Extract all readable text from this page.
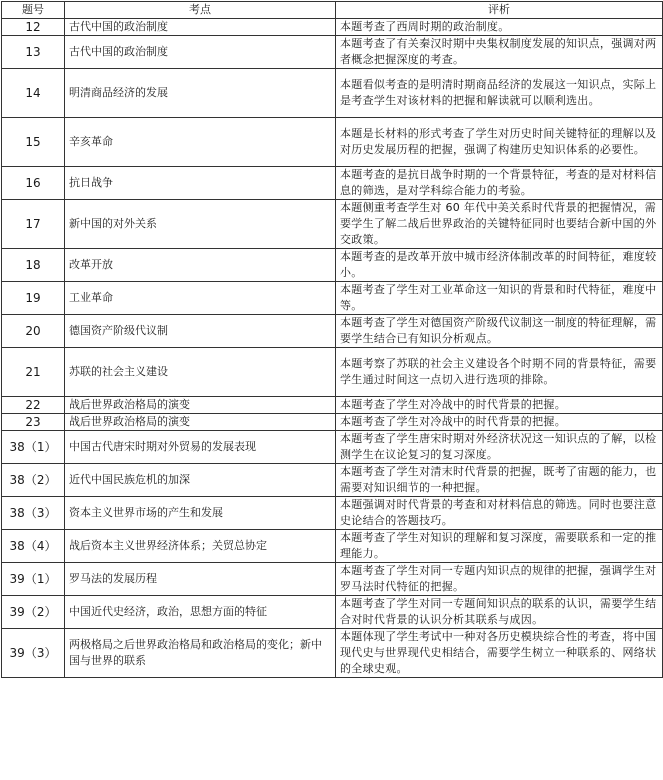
题号	考点	评析
12	古代中国的政治制度	本题考查了西周时期的政治制度。
13	古代中国的政治制度	本题考查了有关秦汉时期中央集权制度发展的知识点，强调对两者概念把握深度的考查。
14	明清商品经济的发展	本题看似考查的是明清时期商品经济的发展这一知识点，实际上是考查学生对该材料的把握和解读就可以顺利选出。
15	辛亥革命	本题是长材料的形式考查了学生对历史时间关键特征的理解以及对历史发展历程的把握，强调了构建历史知识体系的必要性。
16	抗日战争	本题考查的是抗日战争时期的一个背景特征，考查的是对材料信息的筛选，是对学科综合能力的考验。
17	新中国的对外关系	本题侧重考查学生对 60 年代中美关系时代背景的把握情况，需要学生了解二战后世界政治的关键特征同时也要结合新中国的外交政策。
18	改革开放	本题考查的是改革开放中城市经济体制改革的时间特征，难度较小。
19	工业革命	本题考查了学生对工业革命这一知识的背景和时代特征，难度中等。
20	德国资产阶级代议制	本题考查了学生对德国资产阶级代议制这一制度的特征理解，需要学生结合已有知识分析观点。
21	苏联的社会主义建设	本题考察了苏联的社会主义建设各个时期不同的背景特征，需要学生通过时间这一点切入进行选项的排除。
22	战后世界政治格局的演变	本题考查了学生对冷战中的时代背景的把握。
23	战后世界政治格局的演变	本题考查了学生对冷战中的时代背景的把握。
38（1）	中国古代唐宋时期对外贸易的发展表现	本题考查了学生唐宋时期对外经济状况这一知识点的了解，以检测学生在议论复习的复习深度。
38（2）	近代中国民族危机的加深	本题考查了学生对清末时代背景的把握，既考了宙题的能力，也需要对知识细节的一种把握。
38（3）	资本主义世界市场的产生和发展	本题强调对时代背景的考查和对材料信息的筛选。同时也要注意史论结合的答题技巧。
38（4）	战后资本主义世界经济体系；关贸总协定	本题考查了学生对知识的理解和复习深度，需要联系和一定的推理能力。
39（1）	罗马法的发展历程	本题考查了学生对同一专题内知识点的规律的把握，强调学生对罗马法时代特征的把握。
39（2）	中国近代史经济，政治，思想方面的特征	本题考查了学生对同一专题间知识点的联系的认识，需要学生结合对时代背景的认识分析其联系与成因。
39（3）	两极格局之后世界政治格局和政治格局的变化；新中国与世界的联系	本题体现了学生考试中一种对各历史模块综合性的考查，将中国现代史与世界现代史相结合，需要学生树立一种联系的、网络状的全球史观。
